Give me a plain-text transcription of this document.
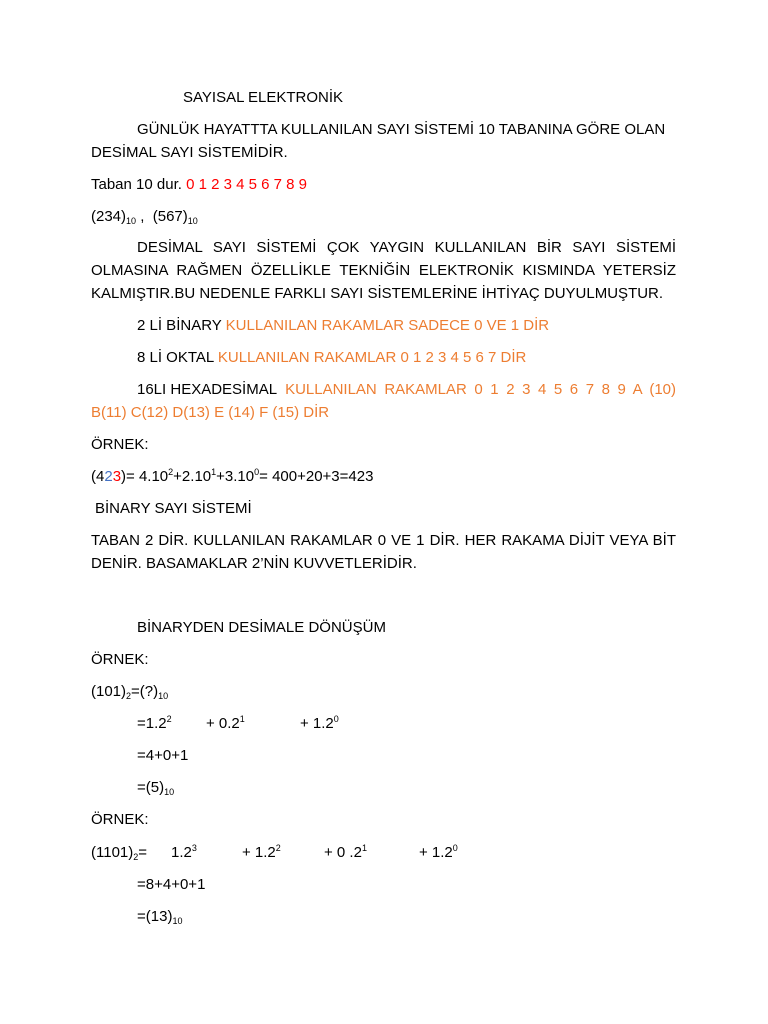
SAYISAL ELEKTRONİK
GÜNLÜK HAYATTTA KULLANILAN SAYI SİSTEMİ 10 TABANINA GÖRE OLAN
DESİMAL SAYI SİSTEMİDİR.
Taban 10 dur. 0 1 2 3 4 5 6 7 8 9
$(234)_{10}$ , $(567)_{10}$
DESİMAL SAYI SİSTEMİ ÇOK YAYGIN KULLANILAN BİR SAYI SİSTEMİ
OLMASINA RAĞMEN ÖZELLİKLE TEKNİĞİN ELEKTRONİK KISMINDA YETERSİZ
KALMIŞTIR.BU NEDENLE FARKLI SAYI SİSTEMLERİNE İHTİYAÇ DUYULMUŞTUR.
2 Lİ BİNARY KULLANILAN RAKAMLAR SADECE 0 VE 1 DİR
8 Lİ OKTAL KULLANILAN RAKAMLAR 0 1 2 3 4 5 6 7 DİR
16LI HEXADESİMAL KULLANILAN RAKAMLAR 0 1 2 3 4 5 6 7 8 9 A (10)
B(11) C(12) D(13) E (14) F (15) DİR
ÖRNEK:
$(423)= 4.10^2+2.10^1+3.10^0= 400+20+3=423$
BİNARY SAYI SİSTEMİ
TABAN 2 DİR. KULLANILAN RAKAMLAR 0 VE 1 DİR. HER RAKAMA DİJİT VEYA BİT
DENİR. BASAMAKLAR 2’NİN KUVVETLERİDİR.
BİNARYDEN DESİMALE DÖNÜŞÜM
ÖRNEK:
$(101)_2=(?)_{10}$
$=1.2^2 + 0.2^1$	+ $1.2^0$
=4+0+1
$=(5)_{10}$
ÖRNEK:
$(1101)_2= 1.2^3$	+ $1.2^2$	+ 0 $.2^1$	+ $1.2^0$
=8+4+0+1
$=(13)_{10}$
